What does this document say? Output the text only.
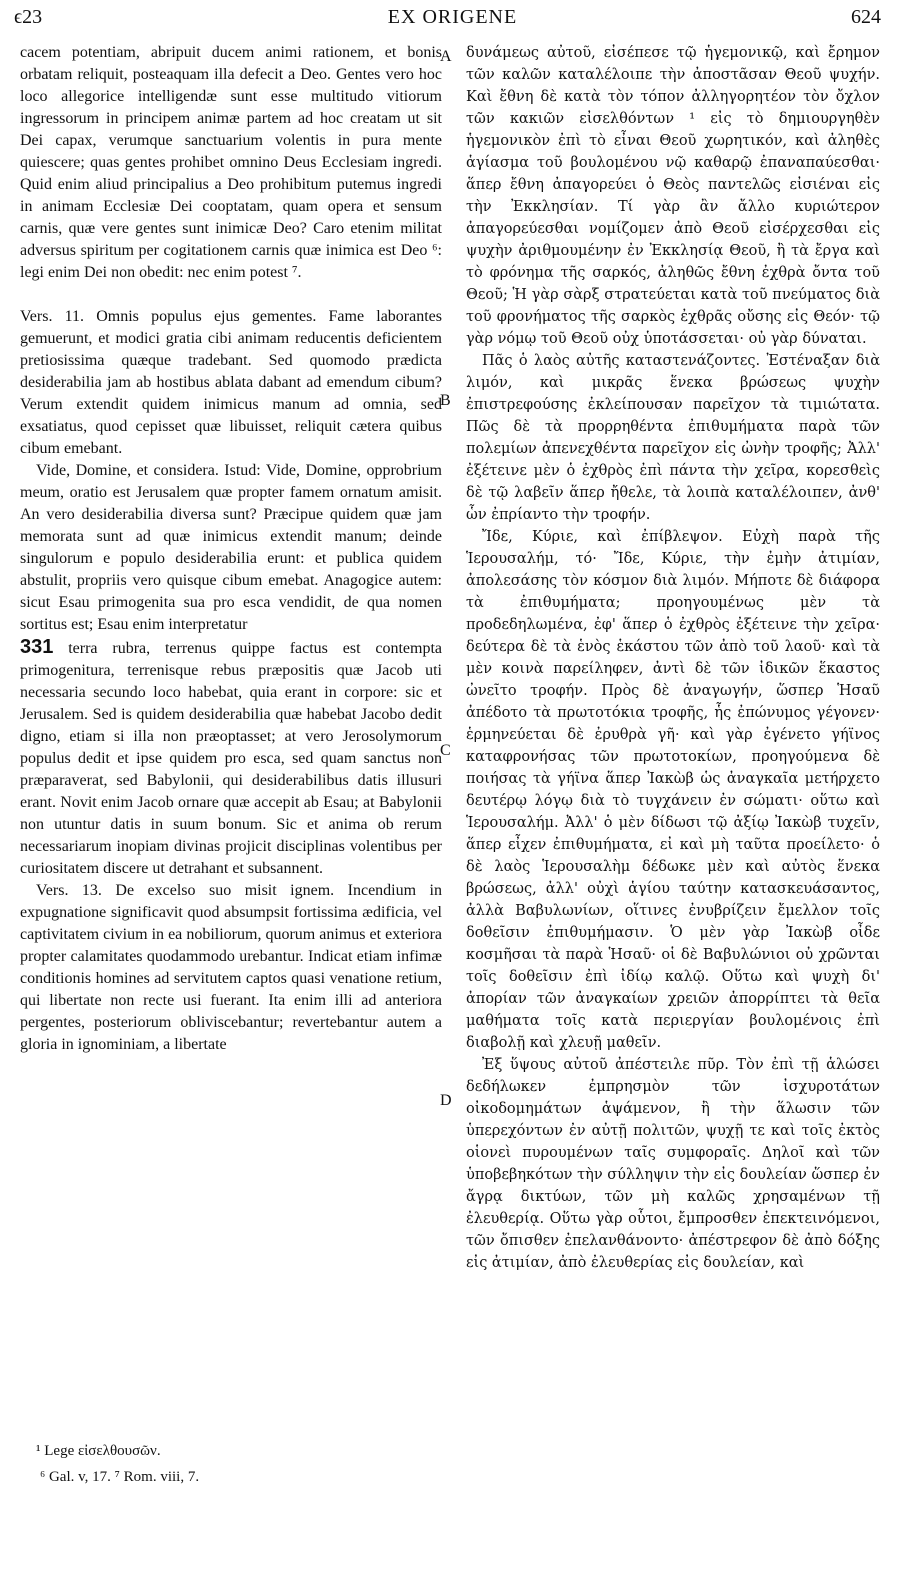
ϵ23	EX ORIGENE	624

cacem potentiam, abripuit ducem animi rationem, et bonis orbatam reliquit, posteaquam illa defecit a Deo. Gentes vero hoc loco allegorice intelligendæ sunt esse multitudo vitiorum ingressorum in principem animæ partem ad hoc creatam ut sit Dei capax, verumque sanctuarium volentis in pura mente quiescere; quas gentes prohibet omnino Deus Ecclesiam ingredi. Quid enim aliud principalius a Deo prohibitum putemus ingredi in animam Ecclesiæ Dei cooptatam, quam opera et sensum carnis, quæ vere gentes sunt inimicæ Deo? Caro etenim militat adversus spiritum per cogitationem carnis quæ inimica est Deo ⁶: legi enim Dei non obedit: nec enim potest ⁷.

Vers. 11. Omnis populus ejus gementes. Fame laborantes gemuerunt, et modici gratia cibi animam reducentis deficientem pretiosissima quæque tradebant. Sed quomodo prædicta desiderabilia jam ab hostibus ablata dabant ad emendum cibum? Verum extendit quidem inimicus manum ad omnia, sed exsatiatus, quod cepisset quæ libuisset, reliquit cætera quibus cibum emebant.

Vide, Domine, et considera. Istud: Vide, Domine, opprobrium meum, oratio est Jerusalem quæ propter famem ornatum amisit. An vero desiderabilia diversa sunt? Præcipue quidem quæ jam memorata sunt ad quæ inimicus extendit manum; deinde singulorum e populo desiderabilia erunt: et publica quidem abstulit, propriis vero quisque cibum emebat. Anagogice autem: sicut Esau primogenita sua pro esca vendidit, de qua nomen sortitus est; Esau enim interpretatur

331 terra rubra, terrenus quippe factus est contempta primogenitura, terrenisque rebus præpositis quæ Jacob uti necessaria secundo loco habebat, quia erant in corpore: sic et Jerusalem. Sed is quidem desiderabilia quæ habebat Jacobo dedit digno, etiam si illa non præoptasset; at vero Jerosolymorum populus dedit et ipse quidem pro esca, sed quam sanctus non præparaverat, sed Babylonii, qui desiderabilibus datis illusuri erant. Novit enim Jacob ornare quæ accepit ab Esau; at Babylonii non utuntur datis in suum bonum. Sic et anima ob rerum necessariarum inopiam divinas projicit disciplinas volentibus per curiositatem discere ut detrahant et subsannent.

Vers. 13. De excelso suo misit ignem. Incendium in expugnatione significavit quod absumpsit fortissima ædificia, vel captivitatem civium in ea nobiliorum, quorum animus et exteriora propter calamitates quodammodo urebantur. Indicat etiam infimæ conditionis homines ad servitutem captos quasi venatione retium, qui libertate non recte usi fuerant. Ita enim illi ad anteriora pergentes, posteriorum obliviscebantur; revertebantur autem a gloria in ignominiam, a libertate

A
B
C
D

δυνάμεως αὐτοῦ, εἰσέπεσε τῷ ἡγεμονικῷ, καὶ ἔρημον τῶν καλῶν καταλέλοιπε τὴν ἀποστᾶσαν Θεοῦ ψυχήν. Καὶ ἔθνη δὲ κατὰ τὸν τόπον ἀλληγορητέον τὸν ὄχλον τῶν κακιῶν εἰσελθόντων ¹ εἰς τὸ δημιουργηθὲν ἡγεμονικὸν ἐπὶ τὸ εἶναι Θεοῦ χωρητικόν, καὶ ἀληθὲς ἁγίασμα τοῦ βουλομένου νῷ καθαρῷ ἐπαναπαύεσθαι· ἅπερ ἔθνη ἀπαγορεύει ὁ Θεὸς παντελῶς εἰσιέναι εἰς τὴν Ἐκκλησίαν. Τί γὰρ ἂν ἄλλο κυριώτερον ἀπαγορεύεσθαι νομίζομεν ἀπὸ Θεοῦ εἰσέρχεσθαι εἰς ψυχὴν ἀριθμουμένην ἐν Ἐκκλησίᾳ Θεοῦ, ἢ τὰ ἔργα καὶ τὸ φρόνημα τῆς σαρκός, ἀληθῶς ἔθνη ἐχθρὰ ὄντα τοῦ Θεοῦ; Ἡ γὰρ σὰρξ στρατεύεται κατὰ τοῦ πνεύματος διὰ τοῦ φρονήματος τῆς σαρκὸς ἐχθρᾶς οὔσης εἰς Θεόν· τῷ γὰρ νόμῳ τοῦ Θεοῦ οὐχ ὑποτάσσεται· οὐ γὰρ δύναται.

Πᾶς ὁ λαὸς αὐτῆς καταστενάζοντες. Ἐστέναξαν διὰ λιμόν, καὶ μικρᾶς ἕνεκα βρώσεως ψυχὴν ἐπιστρεφούσης ἐκλείπουσαν παρεῖχον τὰ τιμιώτατα. Πῶς δὲ τὰ προρρηθέντα ἐπιθυμήματα παρὰ τῶν πολεμίων ἀπενεχθέντα παρεῖχον εἰς ὠνὴν τροφῆς; Ἀλλ' ἐξέτεινε μὲν ὁ ἐχθρὸς ἐπὶ πάντα τὴν χεῖρα, κορεσθεὶς δὲ τῷ λαβεῖν ἅπερ ἤθελε, τὰ λοιπὰ καταλέλοιπεν, ἀνθ' ὧν ἐπρίαντο τὴν τροφήν.

Ἴδε, Κύριε, καὶ ἐπίβλεψον. Εὐχὴ παρὰ τῆς Ἱερουσαλήμ, τό· Ἴδε, Κύριε, τὴν ἐμὴν ἀτιμίαν, ἀπολεσάσης τὸν κόσμον διὰ λιμόν. Μήποτε δὲ διάφορα τὰ ἐπιθυμήματα; προηγουμένως μὲν τὰ προδεδηλωμένα, ἐφ' ἅπερ ὁ ἐχθρὸς ἐξέτεινε τὴν χεῖρα· δεύτερα δὲ τὰ ἑνὸς ἑκάστου τῶν ἀπὸ τοῦ λαοῦ· καὶ τὰ μὲν κοινὰ παρείληφεν, ἀντὶ δὲ τῶν ἰδικῶν ἕκαστος ὠνεῖτο τροφήν. Πρὸς δὲ ἀναγωγήν, ὥσπερ Ἡσαῦ ἀπέδοτο τὰ πρωτοτόκια τροφῆς, ἧς ἐπώνυμος γέγονεν· ἑρμηνεύεται δὲ ἐρυθρὰ γῆ· καὶ γὰρ ἐγένετο γήϊνος καταφρονήσας τῶν πρωτοτοκίων, προηγούμενα δὲ ποιήσας τὰ γήϊνα ἅπερ Ἰακὼβ ὡς ἀναγκαῖα μετήρχετο δευτέρῳ λόγῳ διὰ τὸ τυγχάνειν ἐν σώματι· οὕτω καὶ Ἱερουσαλήμ. Ἀλλ' ὁ μὲν δίδωσι τῷ ἀξίῳ Ἰακὼβ τυχεῖν, ἅπερ εἶχεν ἐπιθυμήματα, εἰ καὶ μὴ ταῦτα προείλετο· ὁ δὲ λαὸς Ἱερουσαλὴμ δέδωκε μὲν καὶ αὐτὸς ἕνεκα βρώσεως, ἀλλ' οὐχὶ ἁγίου ταύτην κατασκευάσαντος, ἀλλὰ Βαβυλωνίων, οἵτινες ἐνυβρίζειν ἔμελλον τοῖς δοθεῖσιν ἐπιθυμήμασιν. Ὁ μὲν γὰρ Ἰακὼβ οἶδε κοσμῆσαι τὰ παρὰ Ἡσαῦ· οἱ δὲ Βαβυλώνιοι οὐ χρῶνται τοῖς δοθεῖσιν ἐπὶ ἰδίῳ καλῷ. Οὕτω καὶ ψυχὴ δι' ἀπορίαν τῶν ἀναγκαίων χρειῶν ἀπορρίπτει τὰ θεῖα μαθήματα τοῖς κατὰ περιεργίαν βουλομένοις ἐπὶ διαβολῇ καὶ χλευῇ μαθεῖν.

Ἐξ ὕψους αὐτοῦ ἀπέστειλε πῦρ. Τὸν ἐπὶ τῇ ἁλώσει δεδήλωκεν ἐμπρησμὸν τῶν ἰσχυροτάτων οἰκοδομημάτων ἁψάμενον, ἢ τὴν ἅλωσιν τῶν ὑπερεχόντων ἐν αὐτῇ πολιτῶν, ψυχῇ τε καὶ τοῖς ἐκτὸς οἱονεὶ πυρουμένων ταῖς συμφοραῖς. Δηλοῖ καὶ τῶν ὑποβεβηκότων τὴν σύλληψιν τὴν εἰς δουλείαν ὥσπερ ἐν ἄγρᾳ δικτύων, τῶν μὴ καλῶς χρησαμένων τῇ ἐλευθερίᾳ. Οὕτω γὰρ οὗτοι, ἔμπροσθεν ἐπεκτεινόμενοι, τῶν ὄπισθεν ἐπελανθάνοντο· ἀπέστρεφον δὲ ἀπὸ δόξης εἰς ἀτιμίαν, ἀπὸ ἐλευθερίας εἰς δουλείαν, καὶ

¹ Lege εἰσελθουσῶν.

⁶ Gal. v, 17. ⁷ Rom. viii, 7.
